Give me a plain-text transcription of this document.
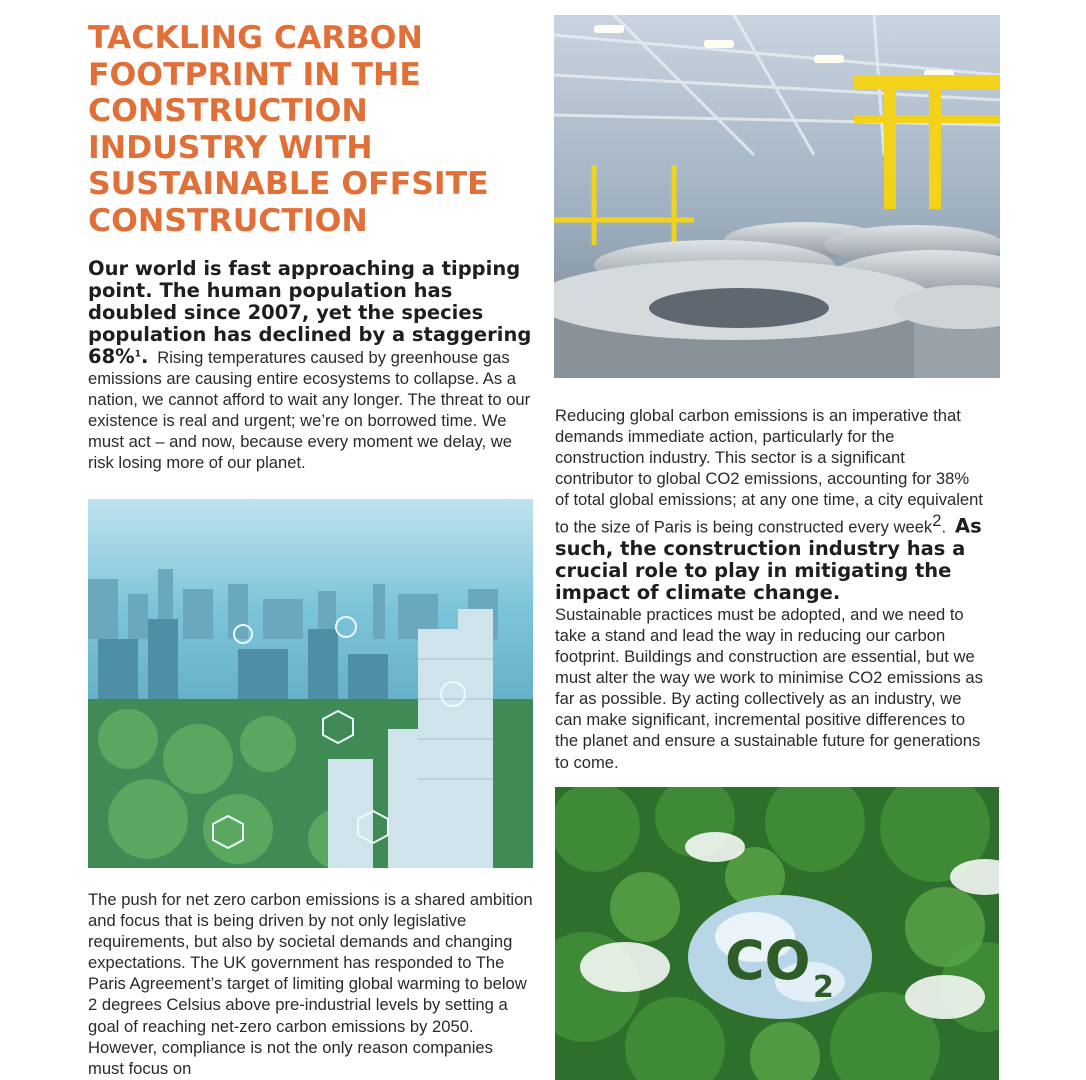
TACKLING CARBON
FOOTPRINT IN THE
CONSTRUCTION
INDUSTRY WITH
SUSTAINABLE OFFSITE
CONSTRUCTION

Our world is fast approaching a tipping point. The human population has doubled since 2007, yet the species population has declined by a staggering 68%$^1$. Rising temperatures caused by greenhouse gas emissions are causing entire ecosystems to collapse. As a nation, we cannot afford to wait any longer. The threat to our existence is real and urgent; we’re on borrowed time. We must act – and now, because every moment we delay, we risk losing more of our planet.

Reducing global carbon emissions is an imperative that demands immediate action, particularly for the construction industry. This sector is a significant contributor to global CO2 emissions, accounting for 38% of total global emissions; at any one time, a city equivalent to the size of Paris is being constructed every week2. As such, the construction industry has a crucial role to play in mitigating the impact of climate change.
Sustainable practices must be adopted, and we need to take a stand and lead the way in reducing our carbon footprint. Buildings and construction are essential, but we must alter the way we work to minimise CO2 emissions as far as possible. By acting collectively as an industry, we can make significant, incremental positive differences to the planet and ensure a sustainable future for generations to come.

The push for net zero carbon emissions is a shared ambition and focus that is being driven by not only legislative requirements, but also by societal demands and changing expectations. The UK government has responded to The Paris Agreement’s target of limiting global warming to below 2 degrees Celsius above pre-industrial levels by setting a goal of reaching net-zero carbon emissions by 2050. However, compliance is not the only reason companies must focus on

CO 2
